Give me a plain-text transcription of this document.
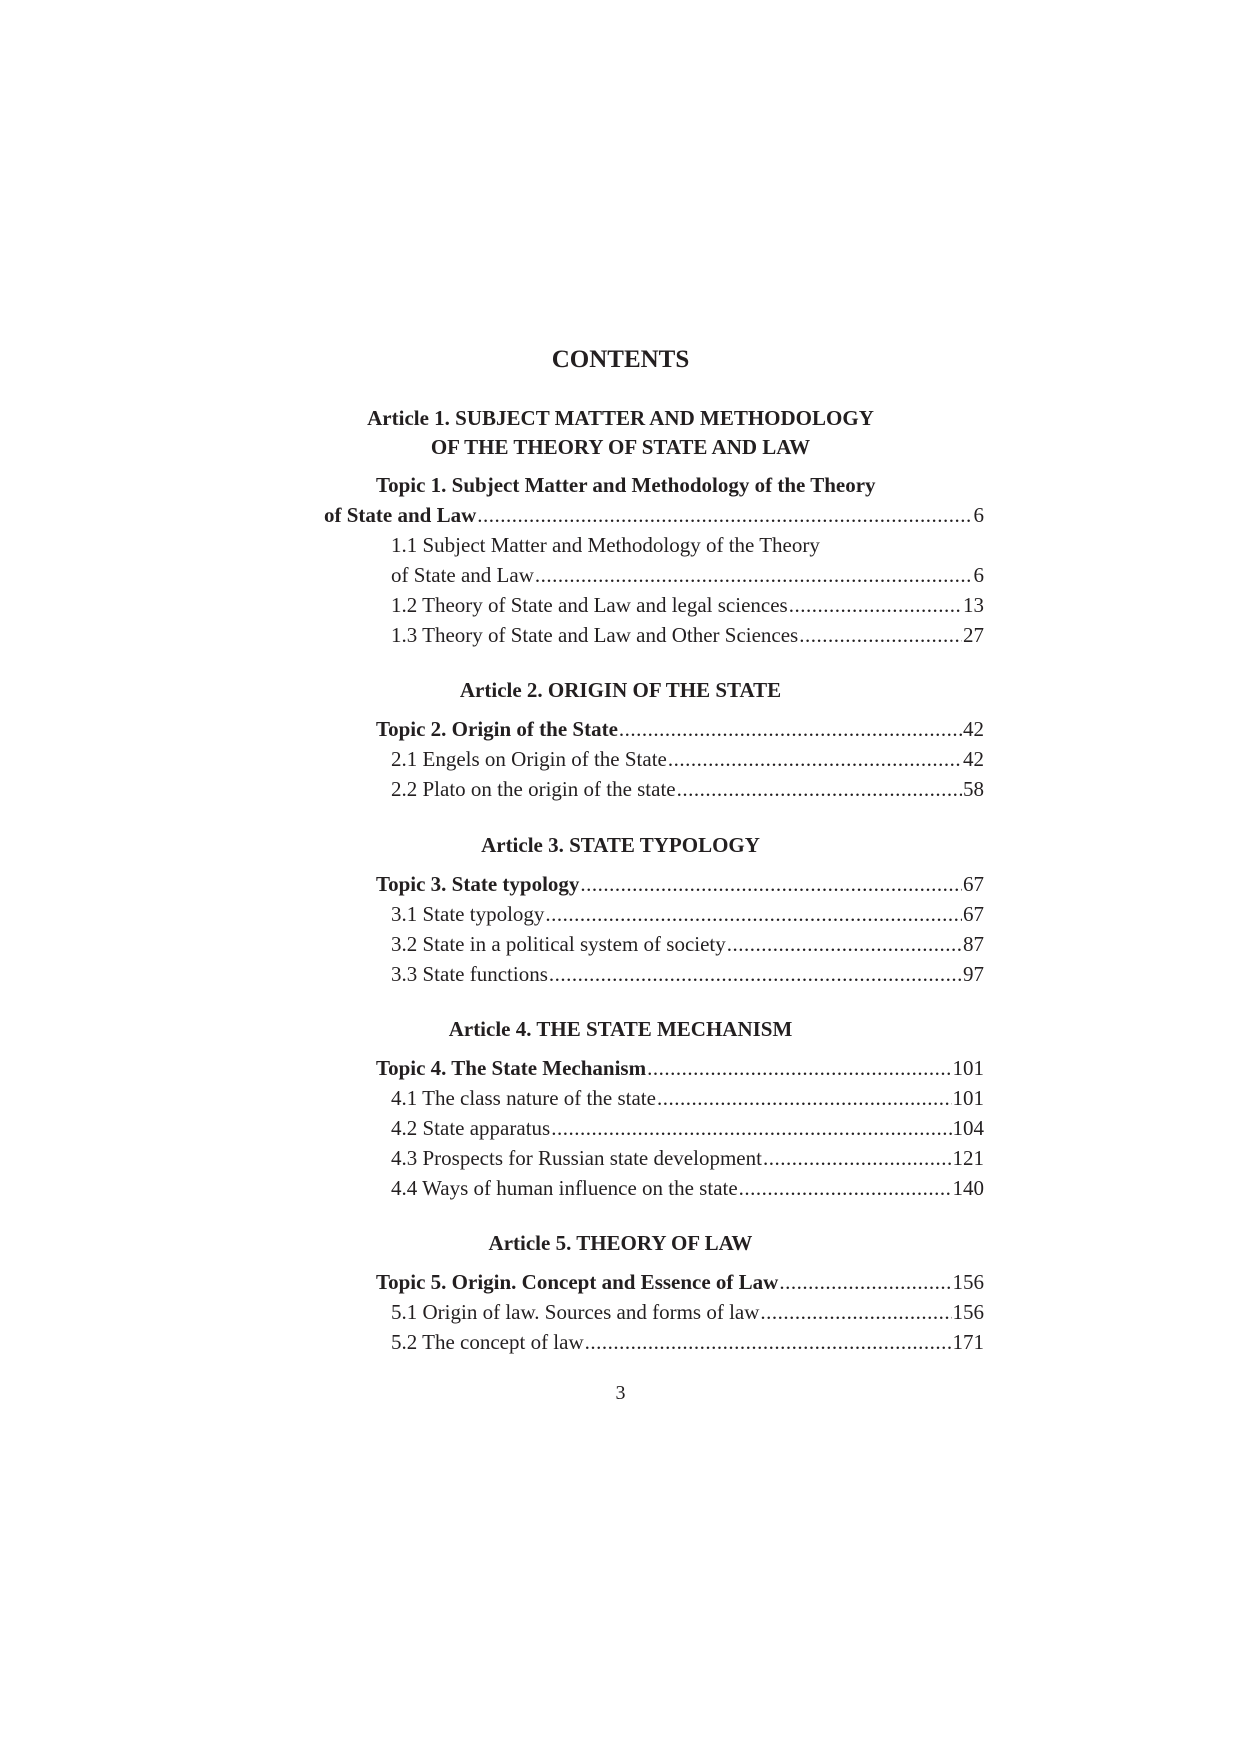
CONTENTS
Article 1. SUBJECT MATTER AND METHODOLOGY
OF THE THEORY OF STATE AND LAW
Topic 1. Subject Matter and Methodology of the Theory
of State and Law .....	6
1.1 Subject Matter and Methodology of the Theory
of State and Law .....	6
1.2 Theory of State and Law and legal sciences .....	13
1.3 Theory of State and Law and Other Sciences .....	27
Article 2. ORIGIN OF THE STATE
Topic 2. Origin of the State .....	42
2.1 Engels on Origin of the State .....	42
2.2 Plato on the origin of the state .....	58
Article 3. STATE TYPOLOGY
Topic 3. State typology .....	67
3.1 State typology .....	67
3.2 State in a political system of society .....	87
3.3 State functions .....	97
Article 4. THE STATE MECHANISM
Topic 4. The State Mechanism .....	101
4.1 The class nature of the state .....	101
4.2 State apparatus .....	104
4.3 Prospects for Russian state development .....	121
4.4 Ways of human influence on the state .....	140
Article 5. THEORY OF LAW
Topic 5. Origin. Concept and Essence of Law .....	156
5.1 Origin of law. Sources and forms of law .....	156
5.2 The concept of law .....	171
3
